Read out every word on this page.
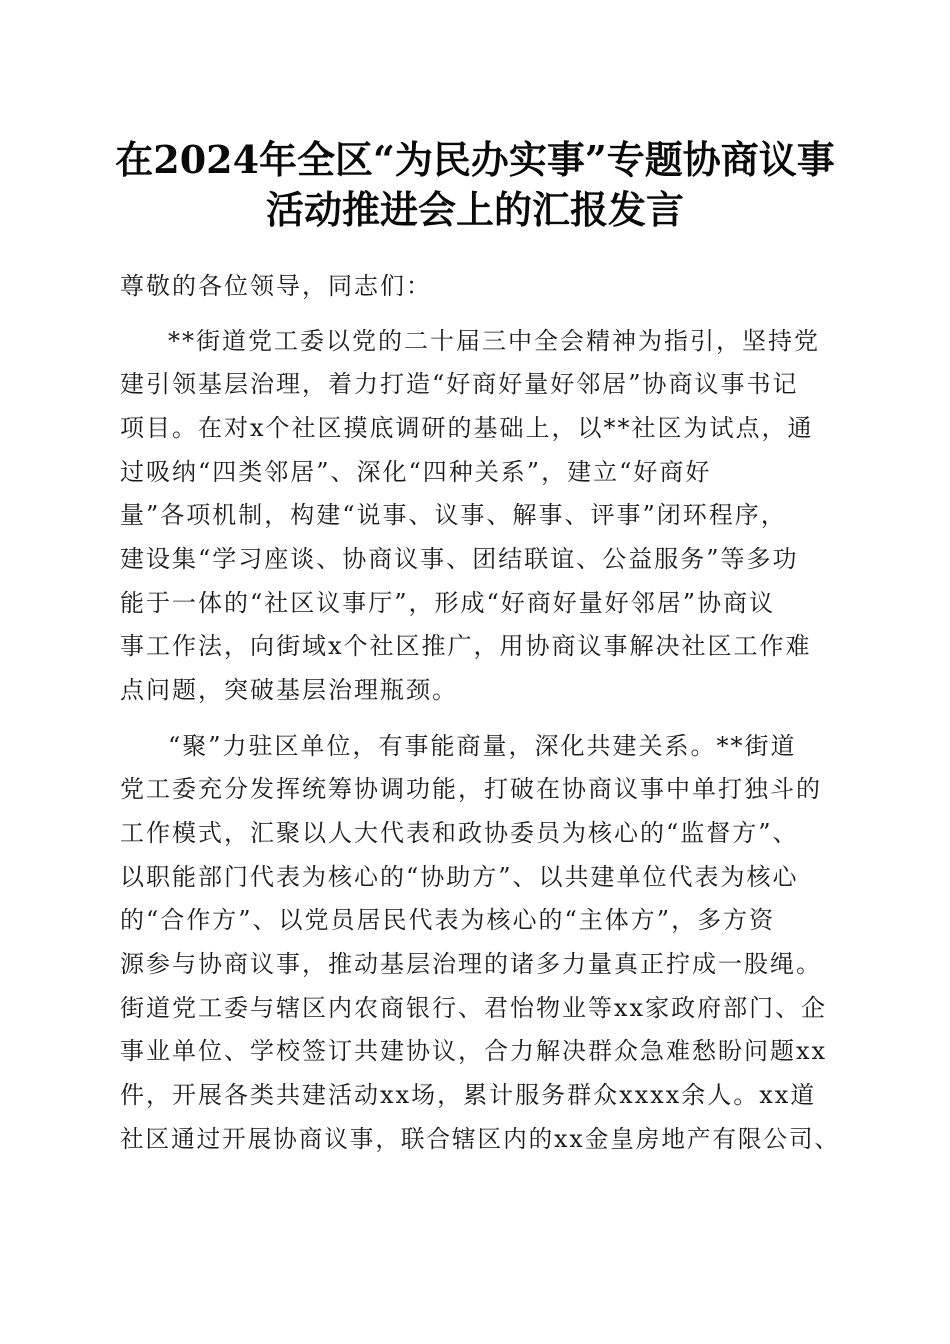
在2024年全区“为民办实事”专题协商议事
活动推进会上的汇报发言
尊敬的各位领导，同志们：
**街道党工委以党的二十届三中全会精神为指引，坚持党
建引领基层治理，着力打造“好商好量好邻居”协商议事书记
项目。在对x个社区摸底调研的基础上，以**社区为试点，通
过吸纳“四类邻居”、深化“四种关系”，建立“好商好
量”各项机制，构建“说事、议事、解事、评事”闭环程序，
建设集“学习座谈、协商议事、团结联谊、公益服务”等多功
能于一体的“社区议事厅”，形成“好商好量好邻居”协商议
事工作法，向街域x个社区推广，用协商议事解决社区工作难
点问题，突破基层治理瓶颈。
“聚”力驻区单位，有事能商量，深化共建关系。**街道
党工委充分发挥统筹协调功能，打破在协商议事中单打独斗的
工作模式，汇聚以人大代表和政协委员为核心的“监督方”、
以职能部门代表为核心的“协助方”、以共建单位代表为核心
的“合作方”、以党员居民代表为核心的“主体方”，多方资
源参与协商议事，推动基层治理的诸多力量真正拧成一股绳。
街道党工委与辖区内农商银行、君怡物业等xx家政府部门、企
事业单位、学校签订共建协议，合力解决群众急难愁盼问题xx
件，开展各类共建活动xx场，累计服务群众xxxx余人。xx道
社区通过开展协商议事，联合辖区内的xx金皇房地产有限公司、
